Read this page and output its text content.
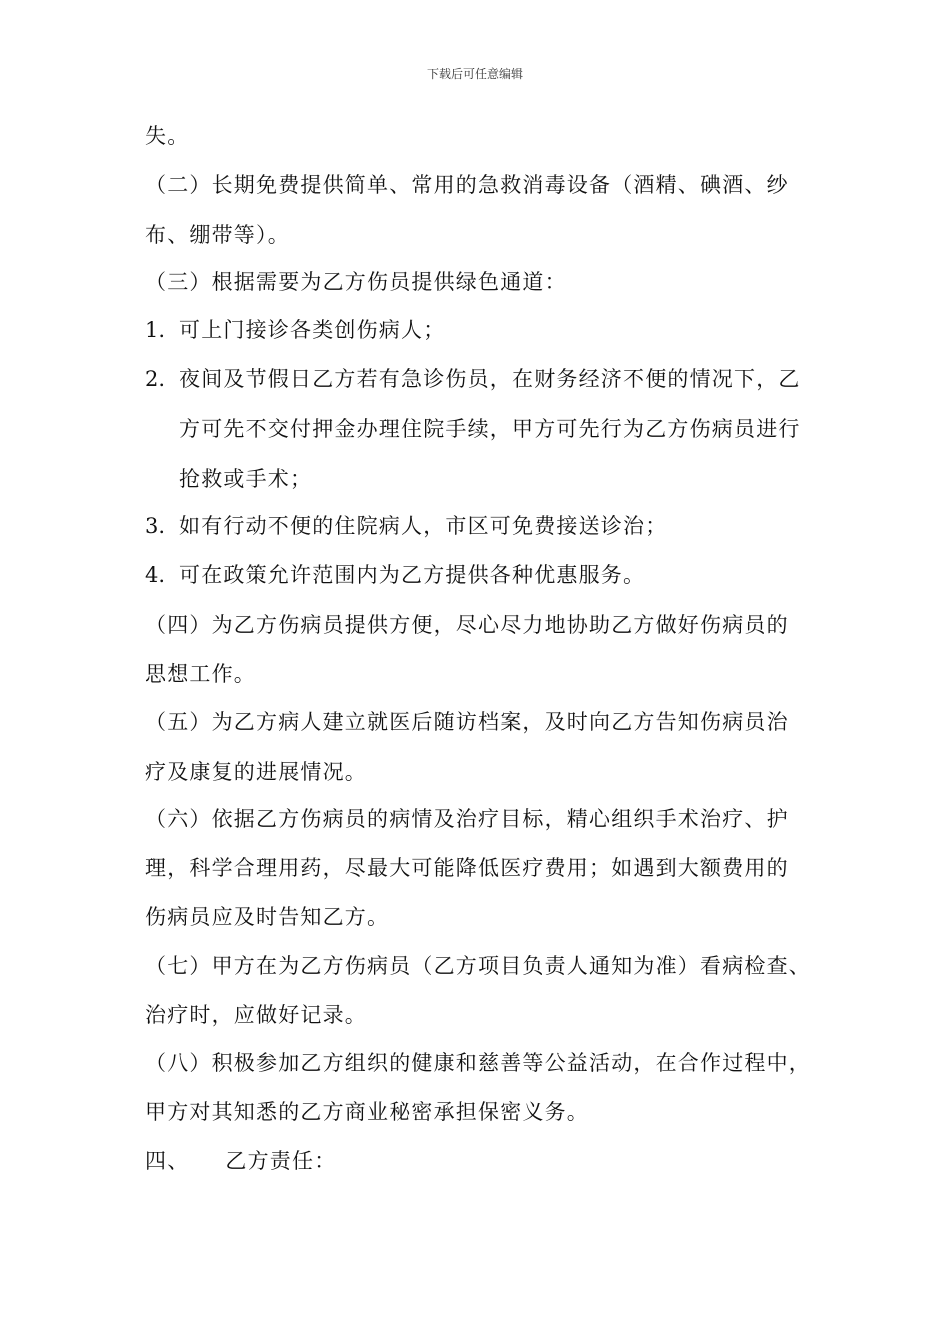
下载后可任意编辑
失。
（二）长期免费提供简单、常用的急救消毒设备（酒精、碘酒、纱
布、绷带等）。
（三）根据需要为乙方伤员提供绿色通道：
1. 可上门接诊各类创伤病人；
2. 夜间及节假日乙方若有急诊伤员，在财务经济不便的情况下，乙
方可先不交付押金办理住院手续，甲方可先行为乙方伤病员进行
抢救或手术；
3. 如有行动不便的住院病人，市区可免费接送诊治；
4. 可在政策允许范围内为乙方提供各种优惠服务。
（四）为乙方伤病员提供方便，尽心尽力地协助乙方做好伤病员的
思想工作。
（五）为乙方病人建立就医后随访档案，及时向乙方告知伤病员治
疗及康复的进展情况。
（六）依据乙方伤病员的病情及治疗目标，精心组织手术治疗、护
理，科学合理用药，尽最大可能降低医疗费用；如遇到大额费用的
伤病员应及时告知乙方。
（七）甲方在为乙方伤病员（乙方项目负责人通知为准）看病检查、
治疗时，应做好记录。
（八）积极参加乙方组织的健康和慈善等公益活动，在合作过程中，
甲方对其知悉的乙方商业秘密承担保密义务。
四、 乙方责任：
